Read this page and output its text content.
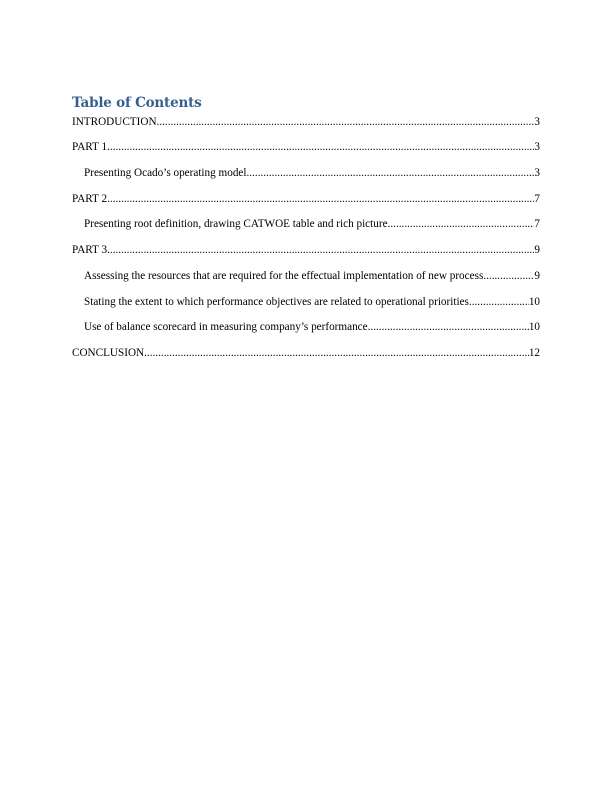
Table of Contents
INTRODUCTION .....	3
PART 1 .....	3
Presenting Ocado’s operating model .....	3
PART 2 .....	7
Presenting root definition, drawing CATWOE table and rich picture .....	7
PART 3 .....	9
Assessing the resources that are required for the effectual implementation of new process .....	9
Stating the extent to which performance objectives are related to operational priorities .....	10
Use of balance scorecard in measuring company’s performance .....	10
CONCLUSION .....	12
